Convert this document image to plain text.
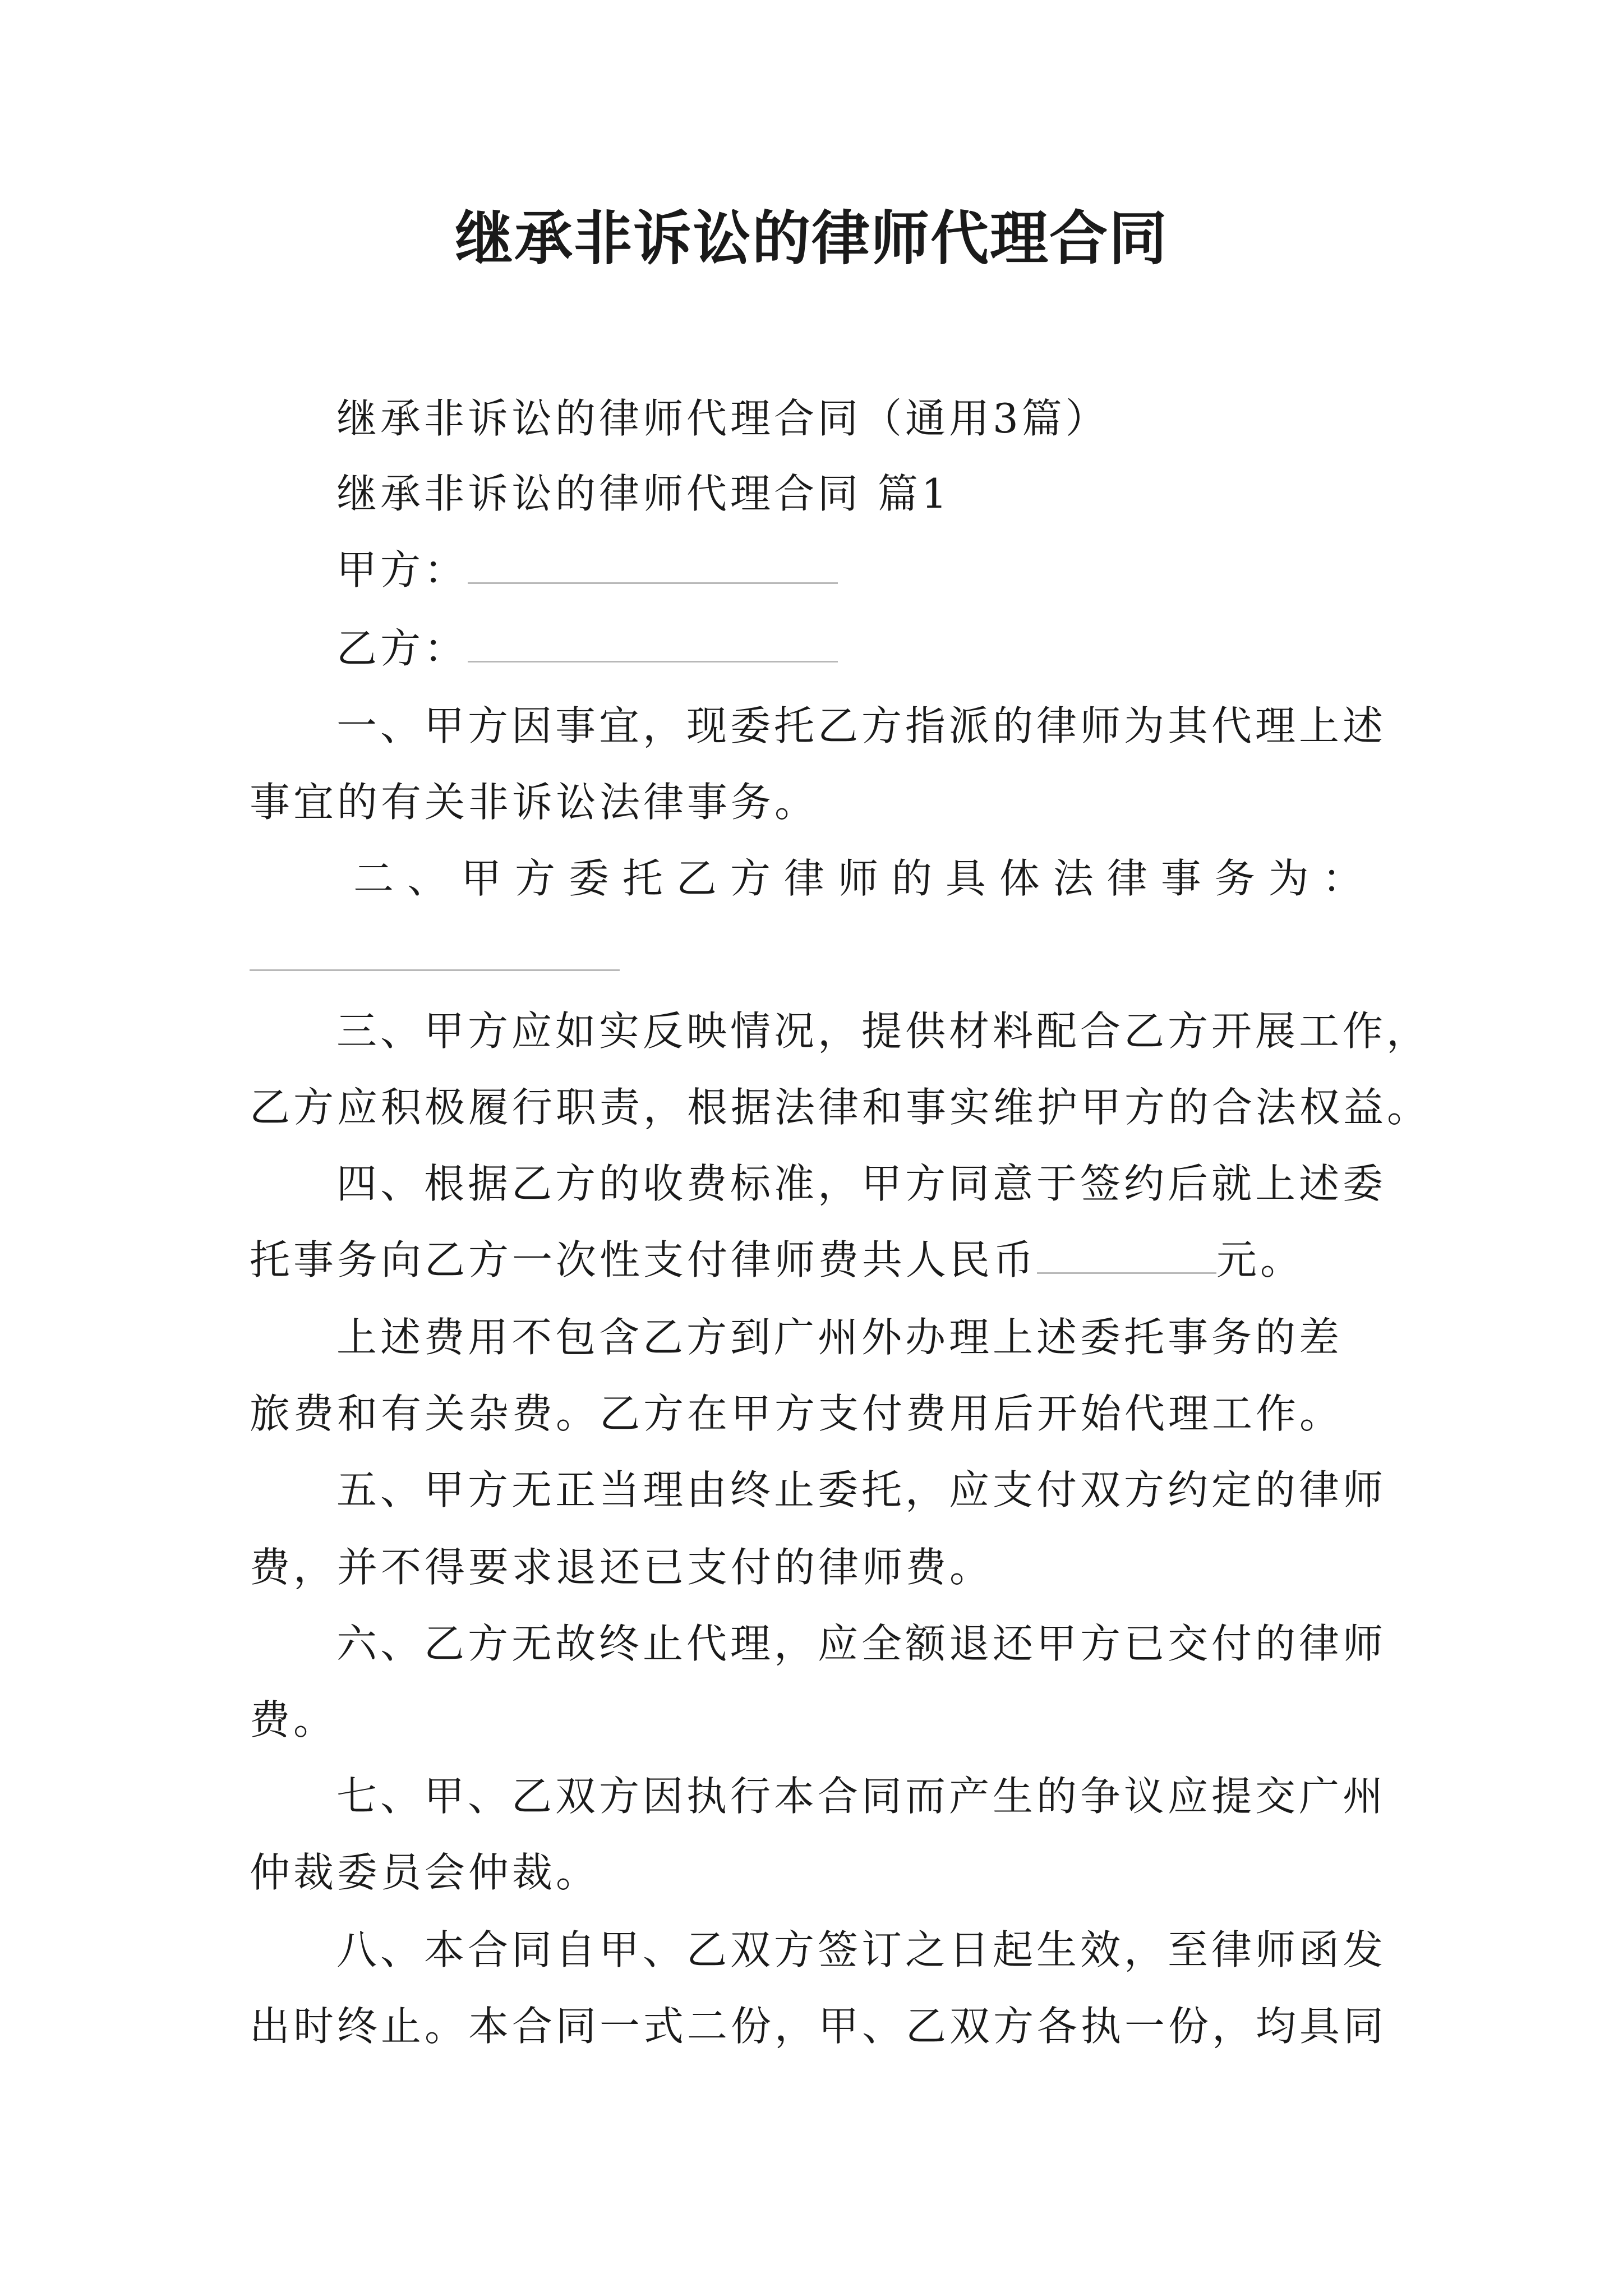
继承非诉讼的律师代理合同
继承非诉讼的律师代理合同（通用3篇）
继承非诉讼的律师代理合同 篇1
甲方：
乙方：
一、甲方因事宜，现委托乙方指派的律师为其代理上述
事宜的有关非诉讼法律事务。
二 、 甲 方 委 托 乙 方 律 师 的 具 体 法 律 事 务 为 ：
三、甲方应如实反映情况，提供材料配合乙方开展工作，
乙方应积极履行职责，根据法律和事实维护甲方的合法权益。
四、根据乙方的收费标准，甲方同意于签约后就上述委
托事务向乙方一次性支付律师费共人民币	元。
上述费用不包含乙方到广州外办理上述委托事务的差
旅费和有关杂费。乙方在甲方支付费用后开始代理工作。
五、甲方无正当理由终止委托，应支付双方约定的律师
费，并不得要求退还已支付的律师费。
六、乙方无故终止代理，应全额退还甲方已交付的律师
费。
七、甲、乙双方因执行本合同而产生的争议应提交广州
仲裁委员会仲裁。
八、本合同自甲、乙双方签订之日起生效，至律师函发
出时终止。本合同一式二份，甲、乙双方各执一份，均具同
